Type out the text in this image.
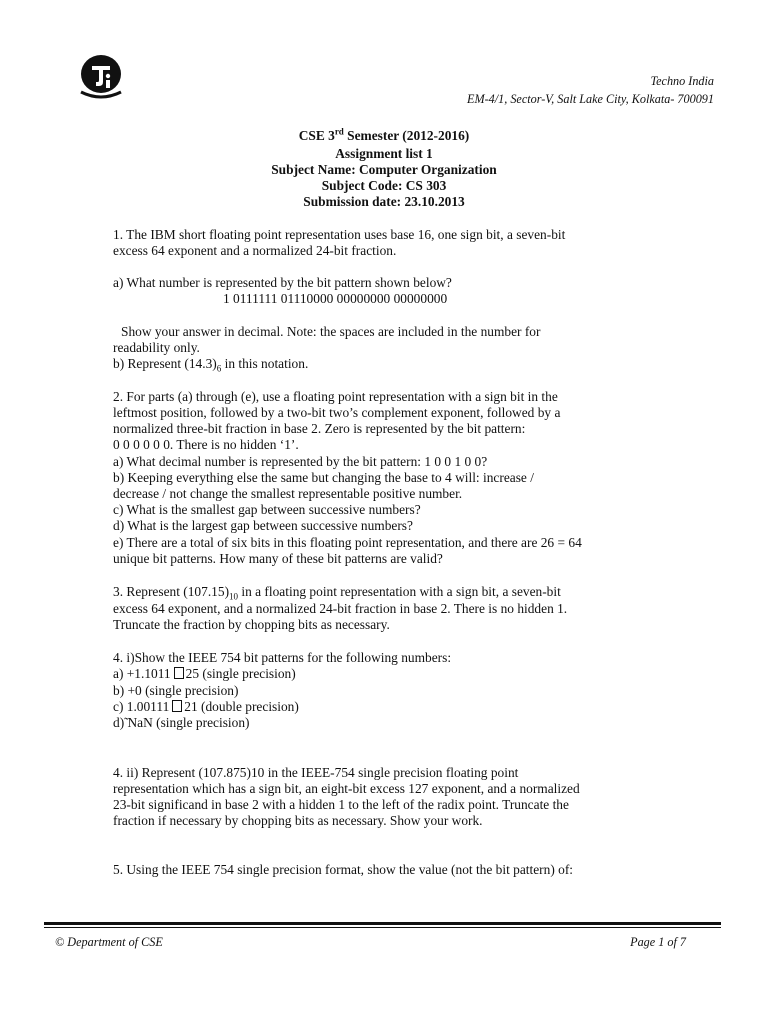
Techno India
EM-4/1, Sector-V, Salt Lake City, Kolkata- 700091
CSE 3rd Semester (2012-2016)
Assignment list 1
Subject Name: Computer Organization
Subject Code: CS 303
Submission date: 23.10.2013
1. The IBM short floating point representation uses base 16, one sign bit, a seven-bit
excess 64 exponent and a normalized 24-bit fraction.
a) What number is represented by the bit pattern shown below?
1 0111111 01110000 00000000 00000000
Show your answer in decimal. Note: the spaces are included in the number for
readability only.
b) Represent $(14.3)_6$ in this notation.
2. For parts (a) through (e), use a floating point representation with a sign bit in the
leftmost position, followed by a two-bit two’s complement exponent, followed by a
normalized three-bit fraction in base 2. Zero is represented by the bit pattern:
0 0 0 0 0 0. There is no hidden ‘1’.
a) What decimal number is represented by the bit pattern: 1 0 0 1 0 0?
b) Keeping everything else the same but changing the base to 4 will: increase /
decrease / not change the smallest representable positive number.
c) What is the smallest gap between successive numbers?
d) What is the largest gap between successive numbers?
e) There are a total of six bits in this floating point representation, and there are 26 = 64
unique bit patterns. How many of these bit patterns are valid?
3. Represent $(107.15)_{10}$ in a floating point representation with a sign bit, a seven-bit
excess 64 exponent, and a normalized 24-bit fraction in base 2. There is no hidden 1.
Truncate the fraction by chopping bits as necessary.
4. i)Show the IEEE 754 bit patterns for the following numbers:
a) +1.1011 25 (single precision)
b) +0 (single precision)
c) 1.00111 21 (double precision)
d)̃ NaN (single precision)
4. ii) Represent (107.875)10 in the IEEE-754 single precision floating point
representation which has a sign bit, an eight-bit excess 127 exponent, and a normalized
23-bit significand in base 2 with a hidden 1 to the left of the radix point. Truncate the
fraction if necessary by chopping bits as necessary. Show your work.
5. Using the IEEE 754 single precision format, show the value (not the bit pattern) of:
© Department of CSE	Page 1 of 7
